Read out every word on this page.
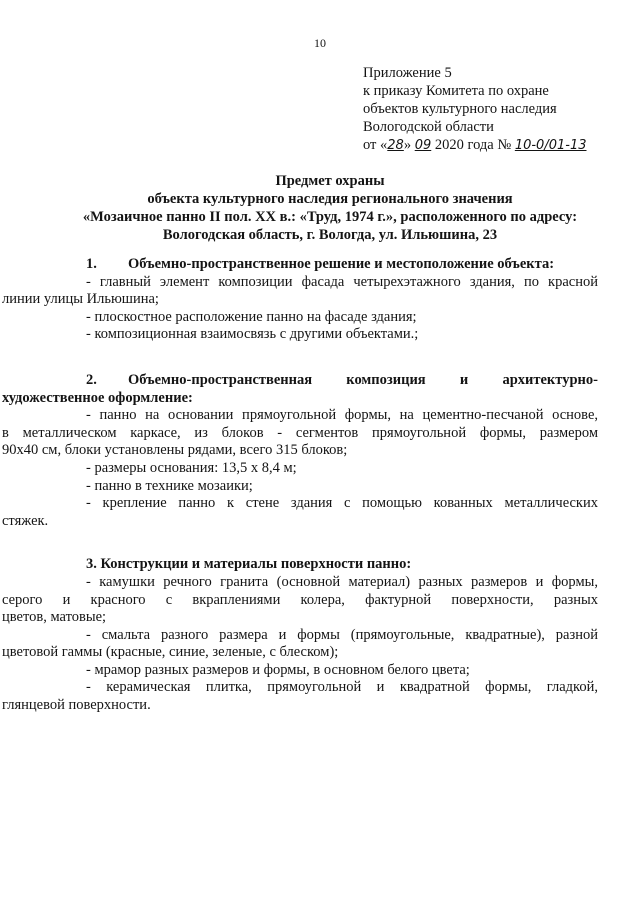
10
Приложение 5
к приказу Комитета по охране
объектов культурного наследия
Вологодской области
от «28» 09 2020 года № 10-0/01-13
Предмет охраны
объекта культурного наследия регионального значения
«Мозаичное панно II пол. XX в.: «Труд, 1974 г.», расположенного по адресу:
Вологодская область, г. Вологда, ул. Ильюшина, 23
1. Объемно-пространственное решение и местоположение объекта:
- главный элемент композиции фасада четырехэтажного здания, по красной
линии улицы Ильюшина;
- плоскостное расположение панно на фасаде здания;
- композиционная взаимосвязь с другими объектами.;
2. Объемно-пространственная композиция и архитектурно-
художественное оформление:
- панно на основании прямоугольной формы, на цементно-песчаной основе,
в металлическом каркасе, из блоков - сегментов прямоугольной формы, размером
90х40 см, блоки установлены рядами, всего 315 блоков;
- размеры основания: 13,5 х 8,4 м;
- панно в технике мозаики;
- крепление панно к стене здания с помощью кованных металлических
стяжек.
3. Конструкции и материалы поверхности панно:
- камушки речного гранита (основной материал) разных размеров и формы,
серого и красного с вкраплениями колера, фактурной поверхности, разных
цветов, матовые;
- смальта разного размера и формы (прямоугольные, квадратные), разной
цветовой гаммы (красные, синие, зеленые, с блеском);
- мрамор разных размеров и формы, в основном белого цвета;
- керамическая плитка, прямоугольной и квадратной формы, гладкой,
глянцевой поверхности.
